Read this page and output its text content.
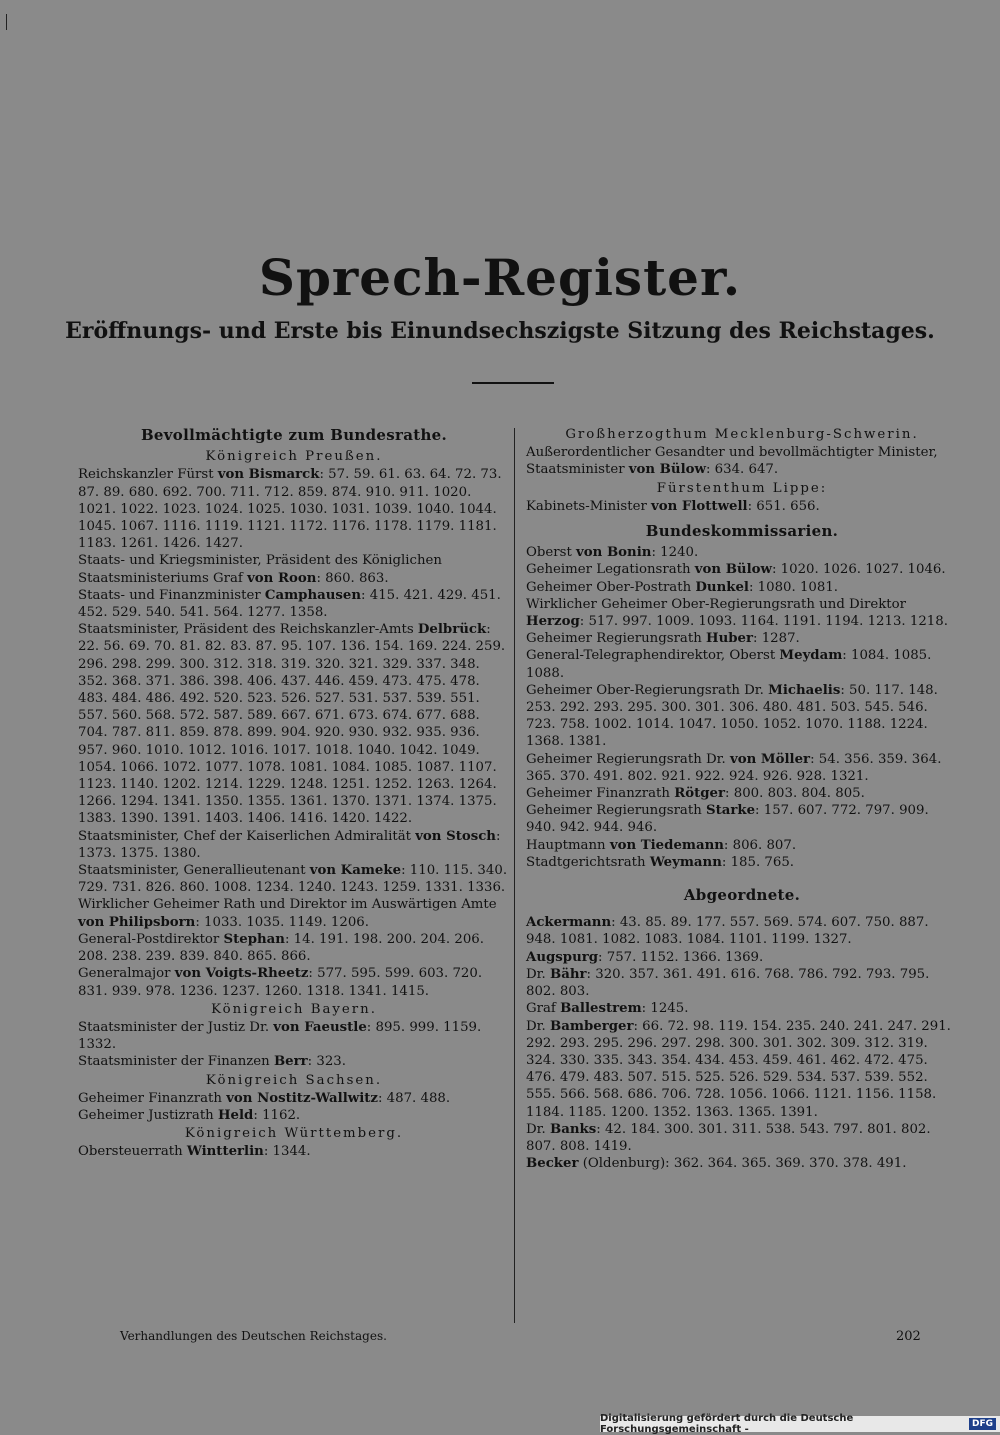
Sprech-Register.
Eröffnungs- und Erste bis Einundsechszigste Sitzung des Reichstages.
Bevollmächtigte zum Bundesrathe.
Königreich Preußen.
Reichskanzler Fürst von Bismarck: 57. 59. 61. 63. 64. 72. 73. 87. 89. 680. 692. 700. 711. 712. 859. 874. 910. 911. 1020. 1021. 1022. 1023. 1024. 1025. 1030. 1031. 1039. 1040. 1044. 1045. 1067. 1116. 1119. 1121. 1172. 1176. 1178. 1179. 1181. 1183. 1261. 1426. 1427.
Staats- und Kriegsminister, Präsident des Königlichen Staatsministeriums Graf von Roon: 860. 863.
Staats- und Finanzminister Camphausen: 415. 421. 429. 451. 452. 529. 540. 541. 564. 1277. 1358.
Staatsminister, Präsident des Reichskanzler-Amts Delbrück: 22. 56. 69. 70. 81. 82. 83. 87. 95. 107. 136. 154. 169. 224. 259. 296. 298. 299. 300. 312. 318. 319. 320. 321. 329. 337. 348. 352. 368. 371. 386. 398. 406. 437. 446. 459. 473. 475. 478. 483. 484. 486. 492. 520. 523. 526. 527. 531. 537. 539. 551. 557. 560. 568. 572. 587. 589. 667. 671. 673. 674. 677. 688. 704. 787. 811. 859. 878. 899. 904. 920. 930. 932. 935. 936. 957. 960. 1010. 1012. 1016. 1017. 1018. 1040. 1042. 1049. 1054. 1066. 1072. 1077. 1078. 1081. 1084. 1085. 1087. 1107. 1123. 1140. 1202. 1214. 1229. 1248. 1251. 1252. 1263. 1264. 1266. 1294. 1341. 1350. 1355. 1361. 1370. 1371. 1374. 1375. 1383. 1390. 1391. 1403. 1406. 1416. 1420. 1422.
Staatsminister, Chef der Kaiserlichen Admiralität von Stosch: 1373. 1375. 1380.
Staatsminister, Generallieutenant von Kameke: 110. 115. 340. 729. 731. 826. 860. 1008. 1234. 1240. 1243. 1259. 1331. 1336.
Wirklicher Geheimer Rath und Direktor im Auswärtigen Amte von Philipsborn: 1033. 1035. 1149. 1206.
General-Postdirektor Stephan: 14. 191. 198. 200. 204. 206. 208. 238. 239. 839. 840. 865. 866.
Generalmajor von Voigts-Rheetz: 577. 595. 599. 603. 720. 831. 939. 978. 1236. 1237. 1260. 1318. 1341. 1415.
Königreich Bayern.
Staatsminister der Justiz Dr. von Faeustle: 895. 999. 1159. 1332.
Staatsminister der Finanzen Berr: 323.
Königreich Sachsen.
Geheimer Finanzrath von Nostitz-Wallwitz: 487. 488.
Geheimer Justizrath Held: 1162.
Königreich Württemberg.
Obersteuerrath Wintterlin: 1344.
Großherzogthum Mecklenburg-Schwerin.
Außerordentlicher Gesandter und bevollmächtigter Minister, Staatsminister von Bülow: 634. 647.
Fürstenthum Lippe:
Kabinets-Minister von Flottwell: 651. 656.
Bundeskommissarien.
Oberst von Bonin: 1240.
Geheimer Legationsrath von Bülow: 1020. 1026. 1027. 1046.
Geheimer Ober-Postrath Dunkel: 1080. 1081.
Wirklicher Geheimer Ober-Regierungsrath und Direktor Herzog: 517. 997. 1009. 1093. 1164. 1191. 1194. 1213. 1218.
Geheimer Regierungsrath Huber: 1287.
General-Telegraphendirektor, Oberst Meydam: 1084. 1085. 1088.
Geheimer Ober-Regierungsrath Dr. Michaelis: 50. 117. 148. 253. 292. 293. 295. 300. 301. 306. 480. 481. 503. 545. 546. 723. 758. 1002. 1014. 1047. 1050. 1052. 1070. 1188. 1224. 1368. 1381.
Geheimer Regierungsrath Dr. von Möller: 54. 356. 359. 364. 365. 370. 491. 802. 921. 922. 924. 926. 928. 1321.
Geheimer Finanzrath Rötger: 800. 803. 804. 805.
Geheimer Regierungsrath Starke: 157. 607. 772. 797. 909. 940. 942. 944. 946.
Hauptmann von Tiedemann: 806. 807.
Stadtgerichtsrath Weymann: 185. 765.
Abgeordnete.
Ackermann: 43. 85. 89. 177. 557. 569. 574. 607. 750. 887. 948. 1081. 1082. 1083. 1084. 1101. 1199. 1327.
Augspurg: 757. 1152. 1366. 1369.
Dr. Bähr: 320. 357. 361. 491. 616. 768. 786. 792. 793. 795. 802. 803.
Graf Ballestrem: 1245.
Dr. Bamberger: 66. 72. 98. 119. 154. 235. 240. 241. 247. 291. 292. 293. 295. 296. 297. 298. 300. 301. 302. 309. 312. 319. 324. 330. 335. 343. 354. 434. 453. 459. 461. 462. 472. 475. 476. 479. 483. 507. 515. 525. 526. 529. 534. 537. 539. 552. 555. 566. 568. 686. 706. 728. 1056. 1066. 1121. 1156. 1158. 1184. 1185. 1200. 1352. 1363. 1365. 1391.
Dr. Banks: 42. 184. 300. 301. 311. 538. 543. 797. 801. 802. 807. 808. 1419.
Becker (Oldenburg): 362. 364. 365. 369. 370. 378. 491.
Verhandlungen des Deutschen Reichstages.	202
Digitalisierung gefördert durch die Deutsche Forschungsgemeinschaft -	DFG
